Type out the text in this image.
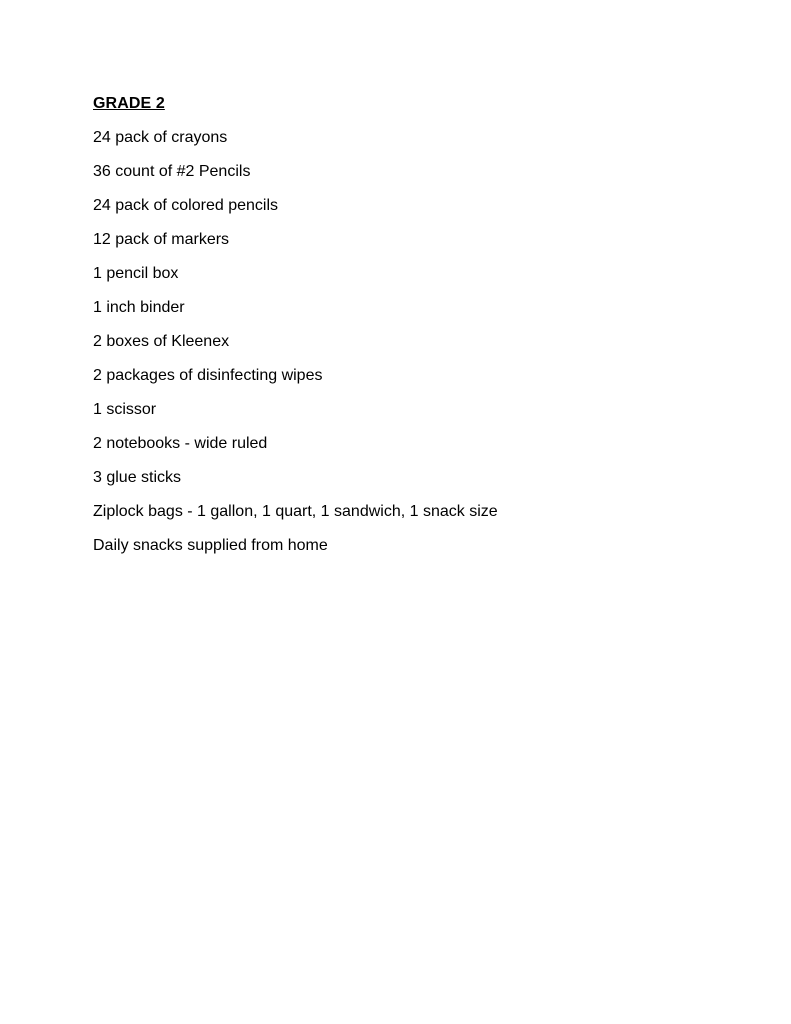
GRADE 2
24 pack of crayons
36 count of #2 Pencils
24 pack of colored pencils
12 pack of markers
1 pencil box
1 inch binder
2 boxes of Kleenex
2 packages of disinfecting wipes
1 scissor
2 notebooks - wide ruled
3 glue sticks
Ziplock bags - 1 gallon, 1 quart, 1 sandwich, 1 snack size
Daily snacks supplied from home
